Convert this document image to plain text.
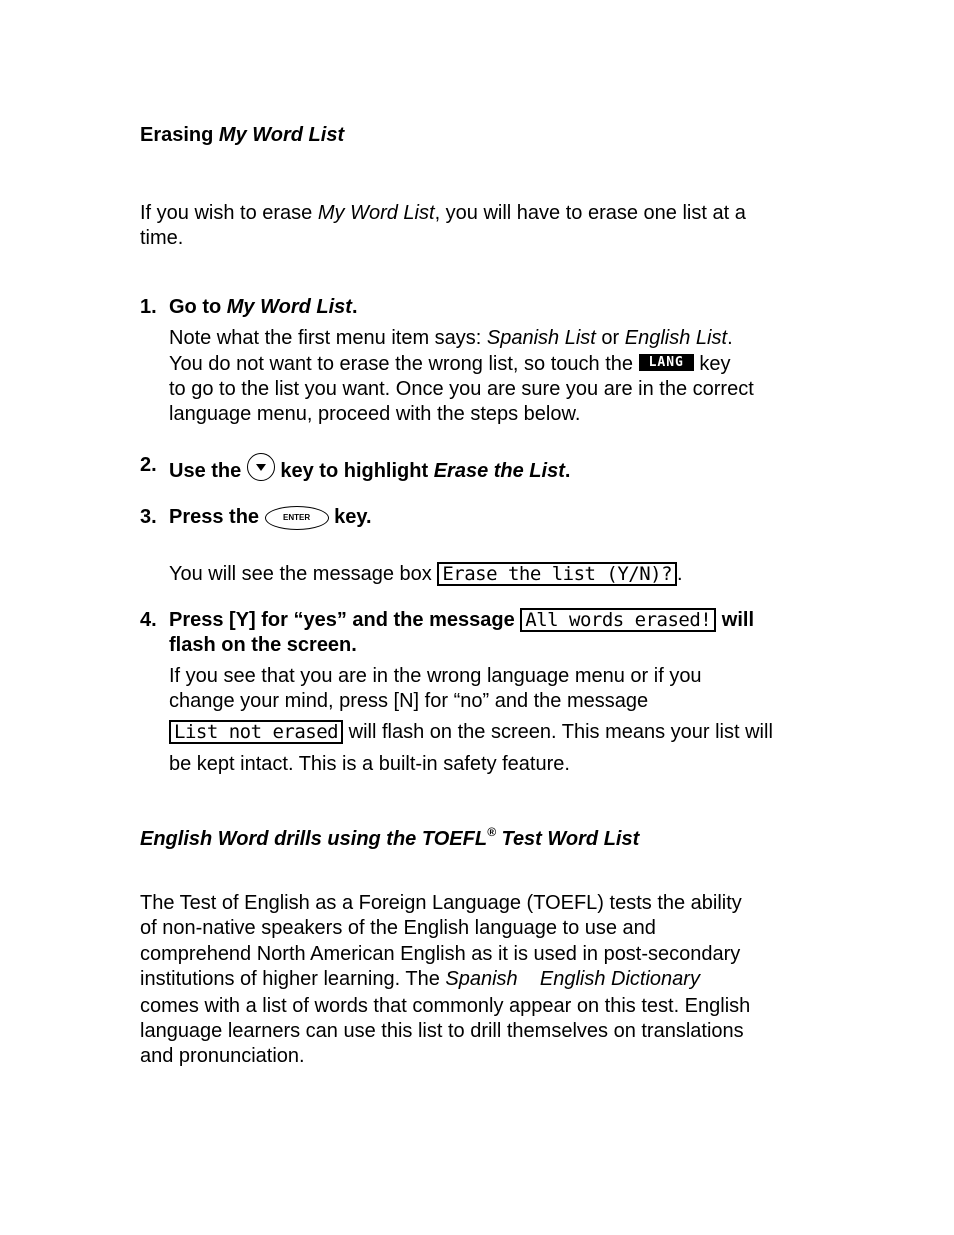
Erasing My Word List
If you wish to erase My Word List, you will have to erase one list at a
time.
1. Go to My Word List.
Note what the first menu item says: Spanish List or English List.
You do not want to erase the wrong list, so touch the LANG key
to go to the list you want. Once you are sure you are in the correct
language menu, proceed with the steps below.
2. Use the  key to highlight Erase the List.
3. Press the ENTER key.
You will see the message box Erase the list (Y/N)? .
4. Press [Y] for “yes” and the message All words erased! will
flash on the screen.
If you see that you are in the wrong language menu or if you
change your mind, press [N] for “no” and the message
List not erased will flash on the screen. This means your list will
be kept intact. This is a built-in safety feature.
English Word drills using the TOEFL® Test Word List
The Test of English as a Foreign Language (TOEFL) tests the ability
of non-native speakers of the English language to use and
comprehend North American English as it is used in post-secondary
institutions of higher learning. The Spanish    English Dictionary
comes with a list of words that commonly appear on this test. English
language learners can use this list to drill themselves on translations
and pronunciation.
